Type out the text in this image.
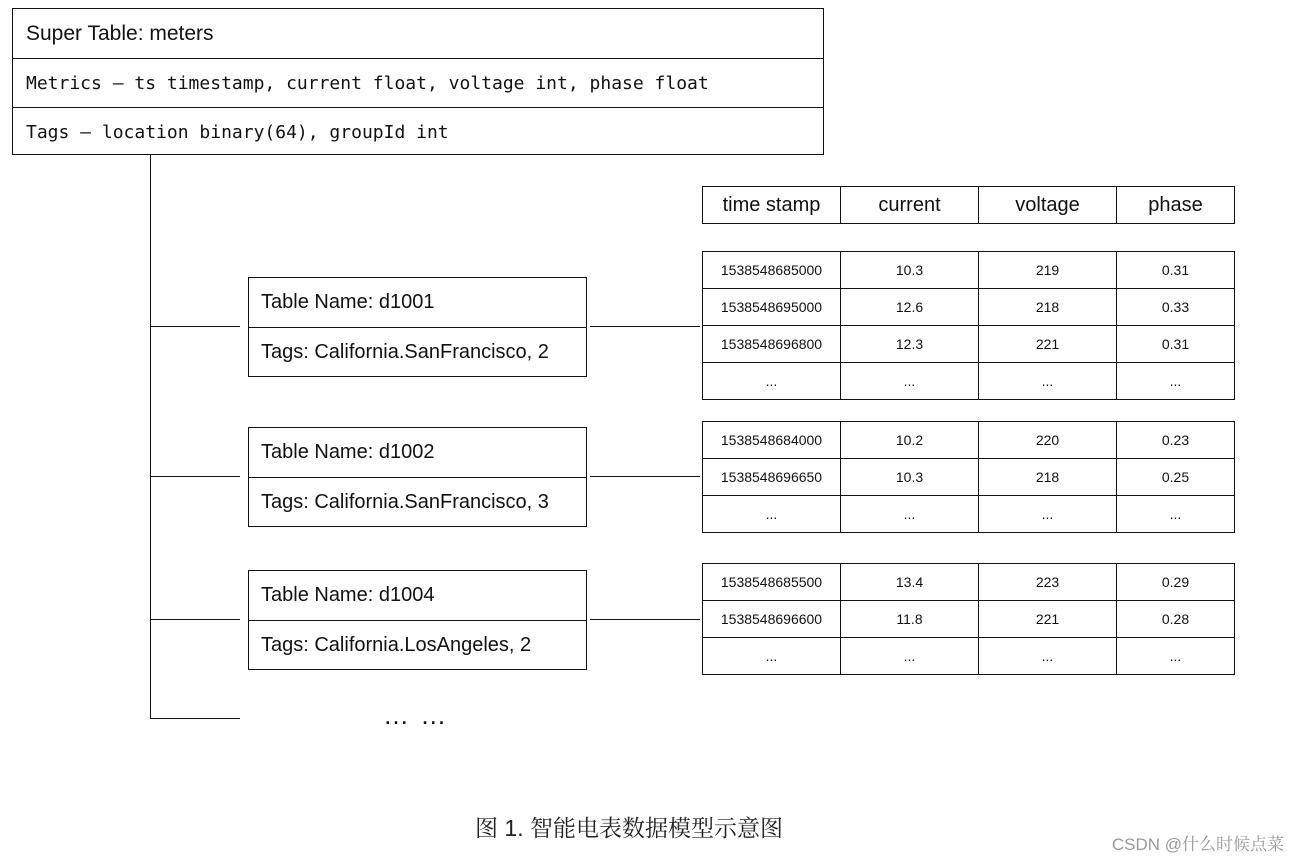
Super Table: meters
Metrics — ts timestamp, current float, voltage int, phase float
Tags — location binary(64), groupId int
time stamp	current	voltage	phase
Table Name: d1001
Tags: California.SanFrancisco, 2
1538548685000	10.3	219	0.31
1538548695000	12.6	218	0.33
1538548696800	12.3	221	0.31
...	...	...	...
Table Name: d1002
Tags: California.SanFrancisco, 3
1538548684000	10.2	220	0.23
1538548696650	10.3	218	0.25
...	...	...	...
Table Name: d1004
Tags: California.LosAngeles, 2
1538548685500	13.4	223	0.29
1538548696600	11.8	221	0.28
...	...	...	...
… …
图 1. 智能电表数据模型示意图
CSDN @什么时候点菜
